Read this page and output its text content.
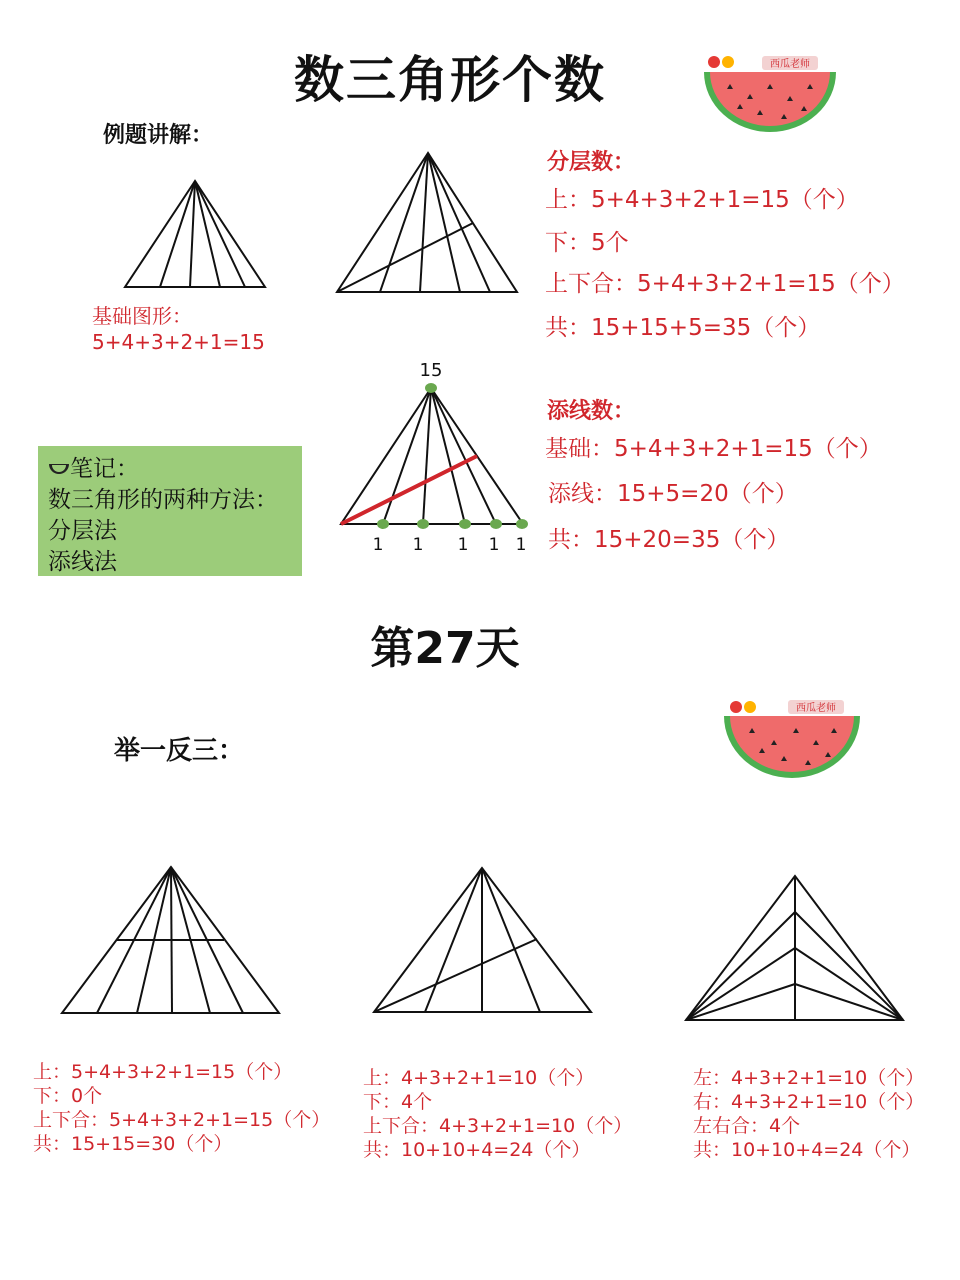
数三角形个数	西瓜老师
例题讲解：
15
1 1 1 1 1
基础图形：
5+4+3+2+1=15
分层数：
上：5+4+3+2+1=15（个）
下：5个
上下合：5+4+3+2+1=15（个）
共：15+15+5=35（个）
添线数：
基础：5+4+3+2+1=15（个）
添线：15+5=20（个）
共：15+20=35（个）
笔记：
数三角形的两种方法：
分层法
添线法
第27天
西瓜老师
举一反三：
上：5+4+3+2+1=15（个）
下：0个
上下合：5+4+3+2+1=15（个）
共：15+15=30（个）
上：4+3+2+1=10（个）
下：4个
上下合：4+3+2+1=10（个）
共：10+10+4=24（个）
左：4+3+2+1=10（个）
右：4+3+2+1=10（个）
左右合：4个
共：10+10+4=24（个）
